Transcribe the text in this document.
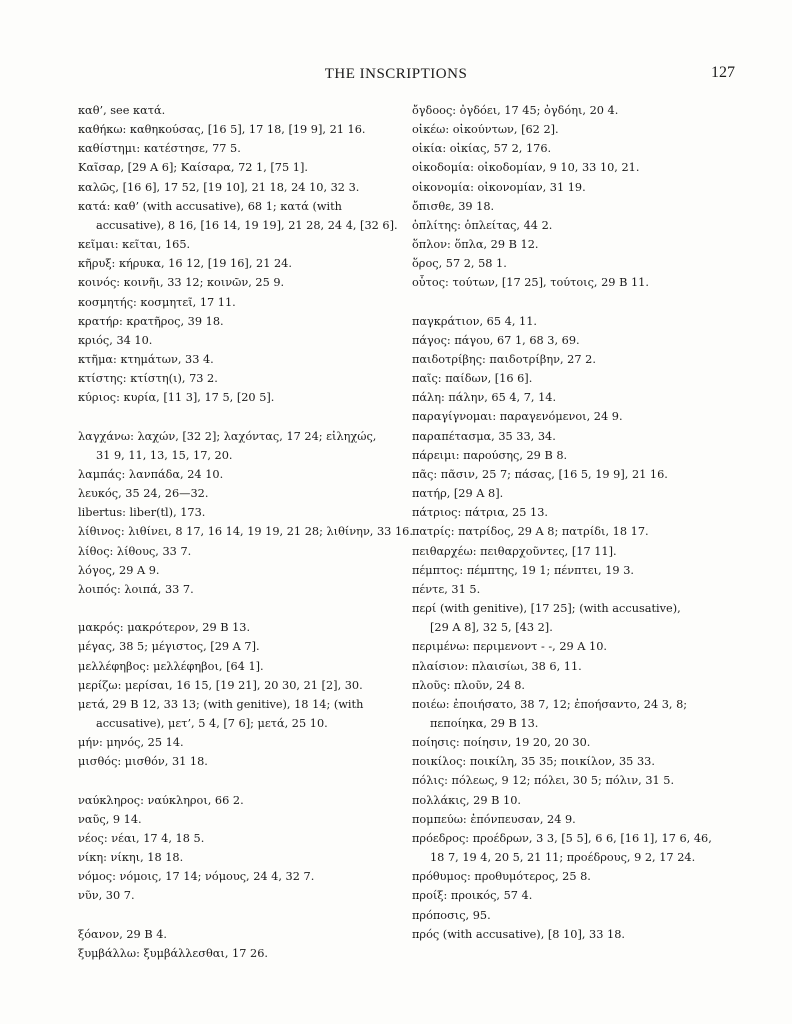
THE INSCRIPTIONS	127
καθ’, see κατά.
καθήκω: καθηκούσας, [16 5], 17 18, [19 9], 21 16.
καθίστημι: κατέστησε, 77 5.
Καῖσαρ, [29 A 6]; Καίσαρα, 72 1, [75 1].
καλῶς, [16 6], 17 52, [19 10], 21 18, 24 10, 32 3.
κατά: καθ’ (with accusative), 68 1; κατά (with
accusative), 8 16, [16 14, 19 19], 21 28, 24 4, [32 6].
κεῖμαι: κεῖται, 165.
κῆρυξ: κήρυκα, 16 12, [19 16], 21 24.
κοινός: κοινῆι, 33 12; κοινῶν, 25 9.
κοσμητής: κοσμητεῖ, 17 11.
κρατήρ: κρατῆρος, 39 18.
κριός, 34 10.
κτῆμα: κτημάτων, 33 4.
κτίστης: κτίστη(ι), 73 2.
κύριος: κυρία, [11 3], 17 5, [20 5].
λαγχάνω: λαχών, [32 2]; λαχόντας, 17 24; εἰληχώς,
31 9, 11, 13, 15, 17, 20.
λαμπάς: λανπάδα, 24 10.
λευκός, 35 24, 26—32.
libertus: liber(tl), 173.
λίθινος: λιθίνει, 8 17, 16 14, 19 19, 21 28; λιθίνην, 33 16.
λίθος: λίθους, 33 7.
λόγος, 29 A 9.
λοιπός: λοιπά, 33 7.
μακρός: μακρότερον, 29 B 13.
μέγας, 38 5; μέγιστος, [29 A 7].
μελλέφηβος: μελλέφηβοι, [64 1].
μερίζω: μερίσαι, 16 15, [19 21], 20 30, 21 [2], 30.
μετά, 29 B 12, 33 13; (with genitive), 18 14; (with
accusative), μετ’, 5 4, [7 6]; μετά, 25 10.
μήν: μηνός, 25 14.
μισθός: μισθόν, 31 18.
ναύκληρος: ναύκληροι, 66 2.
ναῦς, 9 14.
νέος: νέαι, 17 4, 18 5.
νίκη: νίκηι, 18 18.
νόμος: νόμοις, 17 14; νόμους, 24 4, 32 7.
νῦν, 30 7.
ξόανον, 29 B 4.
ξυμβάλλω: ξυμβάλλεσθαι, 17 26.
ὄγδοος: ὀγδόει, 17 45; ὀγδόηι, 20 4.
οἰκέω: οἰκούντων, [62 2].
οἰκία: οἰκίας, 57 2, 176.
οἰκοδομία: οἰκοδομίαν, 9 10, 33 10, 21.
οἰκονομία: οἰκονομίαν, 31 19.
ὄπισθε, 39 18.
ὁπλίτης: ὁπλείτας, 44 2.
ὅπλον: ὅπλα, 29 B 12.
ὅρος, 57 2, 58 1.
οὗτος: τούτων, [17 25], τούτοις, 29 B 11.
παγκράτιον, 65 4, 11.
πάγος: πάγου, 67 1, 68 3, 69.
παιδοτρίβης: παιδοτρίβην, 27 2.
παῖς: παίδων, [16 6].
πάλη: πάλην, 65 4, 7, 14.
παραγίγνομαι: παραγενόμενοι, 24 9.
παραπέτασμα, 35 33, 34.
πάρειμι: παρούσης, 29 B 8.
πᾶς: πᾶσιν, 25 7; πάσας, [16 5, 19 9], 21 16.
πατήρ, [29 A 8].
πάτριος: πάτρια, 25 13.
πατρίς: πατρίδος, 29 A 8; πατρίδι, 18 17.
πειθαρχέω: πειθαρχοῦντες, [17 11].
πέμπτος: πέμπτης, 19 1; πένπτει, 19 3.
πέντε, 31 5.
περί (with genitive), [17 25]; (with accusative),
[29 A 8], 32 5, [43 2].
περιμένω: περιμενοντ - -, 29 A 10.
πλαίσιον: πλαισίωι, 38 6, 11.
πλοῦς: πλοῦν, 24 8.
ποιέω: ἐποιήσατο, 38 7, 12; ἐποήσαντο, 24 3, 8;
πεποίηκα, 29 B 13.
ποίησις: ποίησιν, 19 20, 20 30.
ποικίλος: ποικίλη, 35 35; ποικίλον, 35 33.
πόλις: πόλεως, 9 12; πόλει, 30 5; πόλιν, 31 5.
πολλάκις, 29 B 10.
πομπεύω: ἐπόνπευσαν, 24 9.
πρόεδρος: προέδρων, 3 3, [5 5], 6 6, [16 1], 17 6, 46,
18 7, 19 4, 20 5, 21 11; προέδρους, 9 2, 17 24.
πρόθυμος: προθυμότερος, 25 8.
προίξ: προικός, 57 4.
πρόποσις, 95.
πρός (with accusative), [8 10], 33 18.
